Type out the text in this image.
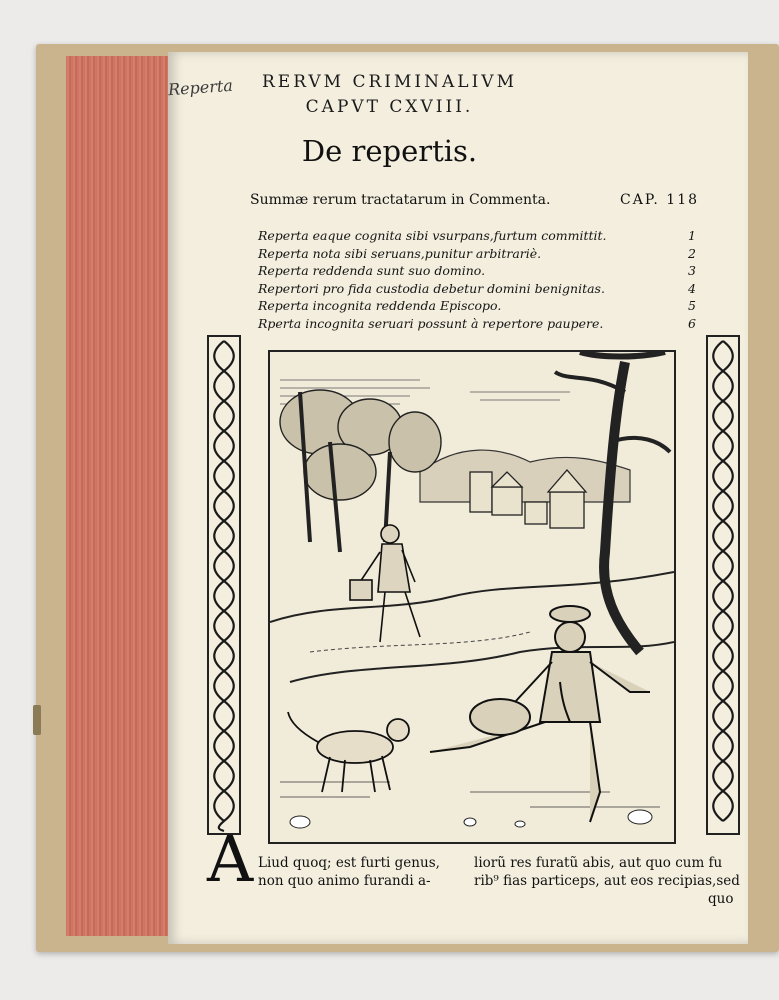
Reperta	RERVM CRIMINALIVM
CAPVT CXVIII.
De repertis.
Summæ rerum tractatarum in Commenta.	CAP. 118
Reperta eaque cognita sibi vsurpans,furtum committit.	1
Reperta nota sibi seruans,punitur arbitrariè.	2
Reperta reddenda sunt suo domino.	3
Repertori pro fida custodia debetur domini benignitas.	4
Reperta incognita reddenda Episcopo.	5
Rperta incognita seruari possunt à repertore paupere.	6
A Liud quoq; est furti genus,
non quo animo furandi a-
liorũ res furatũ abis, aut quo cum fu
rib⁹ fias particeps, aut eos recipias,sed
quo
